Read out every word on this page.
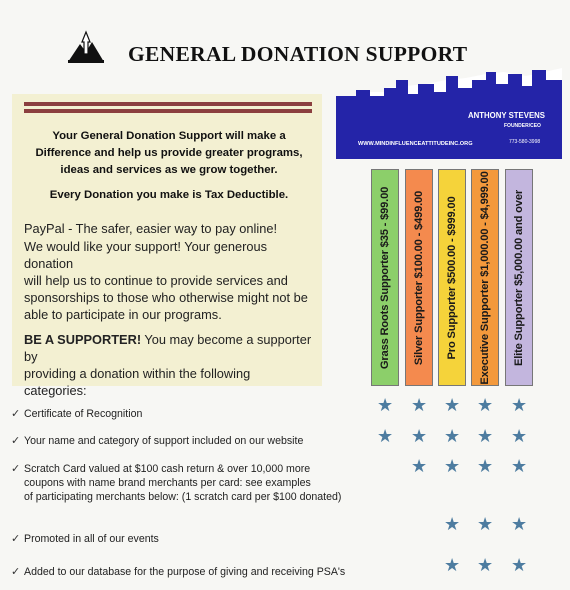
GENERAL DONATION SUPPORT
Your General Donation Support will make a
Difference and help us provide greater programs,
ideas and services as we grow together.
Every Donation you make is Tax Deductible.
PayPal - The safer, easier way to pay online!
We would like your support! Your generous donation
will help us to continue to provide services and
sponsorships to those who otherwise might not be
able to participate in our programs.
BE A SUPPORTER! You may become a supporter by
providing a donation within the following categories:
ANTHONY STEVENS
FOUNDER/CEO
WWW.MINDINFLUENCEATTITUDEINC.ORG	773-580-3998
Grass Roots Supporter $35 - $99.00 Silver Supporter $100.00 - $499.00 Pro Supporter $500.00 - $999.00 Executive Supporter $1,000.00 - $4,999.00 Elite Supporter $5,000.00 and over
✓ Certificate of Recognition
✓ Your name and category of support included on our website
✓ Scratch Card valued at $100 cash return & over 10,000 more
coupons with name brand merchants per card: see examples
of participating merchants below: (1 scratch card per $100 donated)
✓ Promoted in all of our events
✓ Added to our database for the purpose of giving and receiving PSA's
★ ★ ★ ★ ★
★ ★ ★ ★ ★
★ ★ ★ ★
★ ★ ★
★ ★ ★
